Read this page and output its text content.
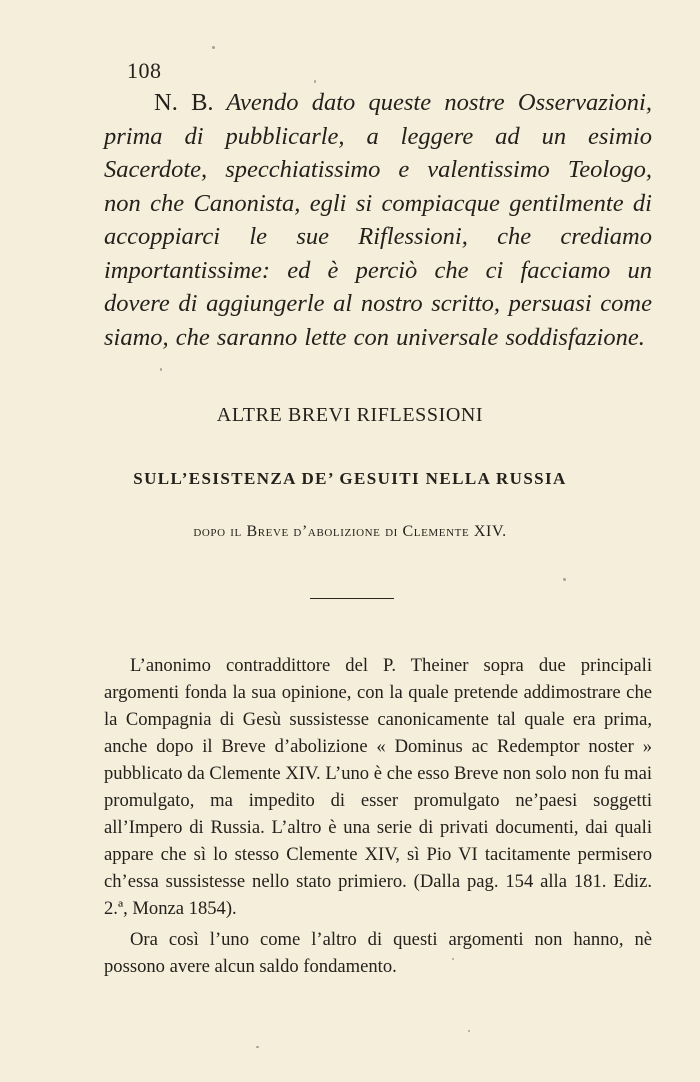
108
N. B. Avendo dato queste nostre Osservazioni, prima di pubblicarle, a leggere ad un esimio Sacerdote, specchiatissimo e valentissimo Teologo, non che Canonista, egli si compiacque gentilmente di accoppiarci le sue Riflessioni, che crediamo importantissime: ed è perciò che ci facciamo un dovere di aggiungerle al nostro scritto, persuasi come siamo, che saranno lette con universale soddisfazione.
ALTRE BREVI RIFLESSIONI
SULL’ESISTENZA DE’ GESUITI NELLA RUSSIA
dopo il Breve d’abolizione di Clemente XIV.

L’anonimo contraddittore del P. Theiner sopra due principali argomenti fonda la sua opinione, con la quale pretende addimostrare che la Compagnia di Gesù sussistesse canonicamente tal quale era prima, anche dopo il Breve d’abolizione « Dominus ac Redemptor noster » pubblicato da Clemente XIV. L’uno è che esso Breve non solo non fu mai promulgato, ma impedito di esser promulgato ne’paesi soggetti all’Impero di Russia. L’altro è una serie di privati documenti, dai quali appare che sì lo stesso Clemente XIV, sì Pio VI tacitamente permisero ch’essa sussistesse nello stato primiero. (Dalla pag. 154 alla 181. Ediz. 2.ª, Monza 1854).

Ora così l’uno come l’altro di questi argomenti non hanno, nè possono avere alcun saldo fondamento.
